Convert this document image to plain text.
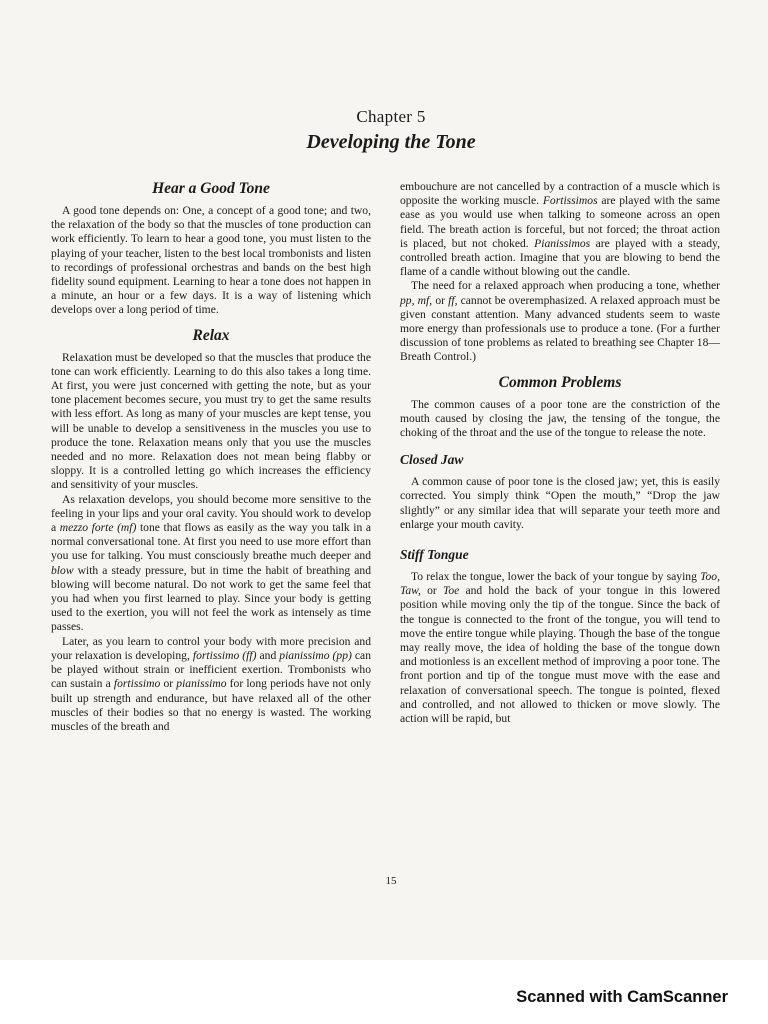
Chapter 5
Developing the Tone
Hear a Good Tone

A good tone depends on: One, a concept of a good tone; and two, the relaxation of the body so that the muscles of tone production can work efficiently. To learn to hear a good tone, you must listen to the playing of your teacher, listen to the best local trombonists and listen to recordings of professional orchestras and bands on the best high fidelity sound equipment. Learning to hear a tone does not happen in a minute, an hour or a few days. It is a way of listening which develops over a long period of time.

Relax

Relaxation must be developed so that the muscles that produce the tone can work efficiently. Learning to do this also takes a long time. At first, you were just concerned with getting the note, but as your tone placement becomes secure, you must try to get the same results with less effort. As long as many of your muscles are kept tense, you will be unable to develop a sensitiveness in the muscles you use to produce the tone. Relaxation means only that you use the muscles needed and no more. Relaxation does not mean being flabby or sloppy. It is a controlled letting go which increases the efficiency and sensitivity of your muscles.

As relaxation develops, you should become more sensitive to the feeling in your lips and your oral cavity. You should work to develop a mezzo forte (mf) tone that flows as easily as the way you talk in a normal conversational tone. At first you need to use more effort than you use for talking. You must consciously breathe much deeper and blow with a steady pressure, but in time the habit of breathing and blowing will become natural. Do not work to get the same feel that you had when you first learned to play. Since your body is getting used to the exertion, you will not feel the work as intensely as time passes.

Later, as you learn to control your body with more precision and your relaxation is developing, fortissimo (ff) and pianissimo (pp) can be played without strain or inefficient exertion. Trombonists who can sustain a fortissimo or pianissimo for long periods have not only built up strength and endurance, but have relaxed all of the other muscles of their bodies so that no energy is wasted. The working muscles of the breath and

embouchure are not cancelled by a contraction of a muscle which is opposite the working muscle. Fortissimos are played with the same ease as you would use when talking to someone across an open field. The breath action is forceful, but not forced; the throat action is placed, but not choked. Pianissimos are played with a steady, controlled breath action. Imagine that you are blowing to bend the flame of a candle without blowing out the candle.

The need for a relaxed approach when producing a tone, whether pp, mf, or ff, cannot be overemphasized. A relaxed approach must be given constant attention. Many advanced students seem to waste more energy than professionals use to produce a tone. (For a further discussion of tone problems as related to breathing see Chapter 18—Breath Control.)

Common Problems

The common causes of a poor tone are the constriction of the mouth caused by closing the jaw, the tensing of the tongue, the choking of the throat and the use of the tongue to release the note.

Closed Jaw

A common cause of poor tone is the closed jaw; yet, this is easily corrected. You simply think “Open the mouth,” “Drop the jaw slightly” or any similar idea that will separate your teeth more and enlarge your mouth cavity.

Stiff Tongue

To relax the tongue, lower the back of your tongue by saying Too, Taw, or Toe and hold the back of your tongue in this lowered position while moving only the tip of the tongue. Since the back of the tongue is connected to the front of the tongue, you will tend to move the entire tongue while playing. Though the base of the tongue may really move, the idea of holding the base of the tongue down and motionless is an excellent method of improving a poor tone. The front portion and tip of the tongue must move with the ease and relaxation of conversational speech. The tongue is pointed, flexed and controlled, and not allowed to thicken or move slowly. The action will be rapid, but

15

Scanned with CamScanner
